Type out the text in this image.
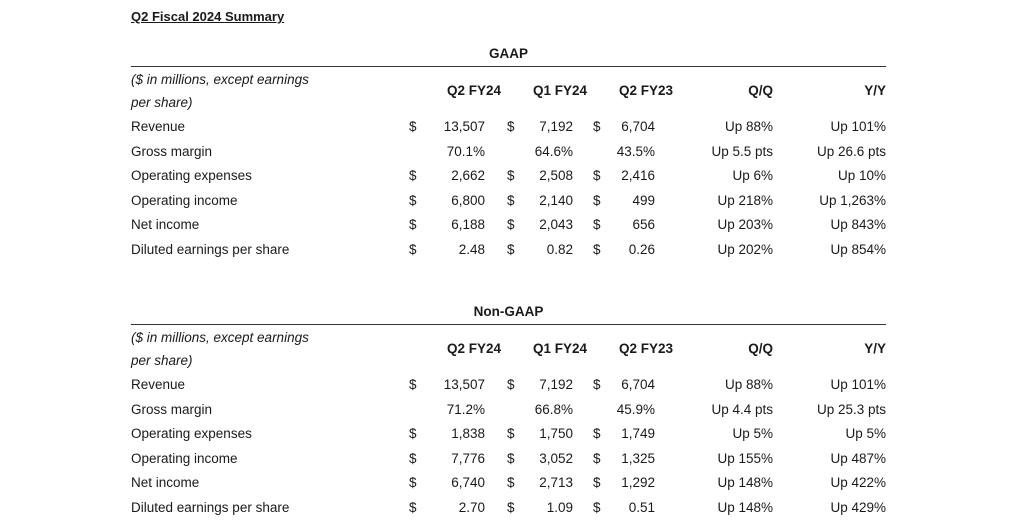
Q2 Fiscal 2024 Summary
GAAP
($ in millions, except earnings
per share)
Q2 FY24	Q1 FY24	Q2 FY23	Q/Q	Y/Y
Revenue	$	13,507 $	7,192 $	6,704	Up 88%	Up 101%
Gross margin	70.1%	64.6%	43.5%	Up 5.5 pts	Up 26.6 pts
Operating expenses	$	2,662 $	2,508 $	2,416	Up 6%	Up 10%
Operating income	$	6,800 $	2,140 $	499	Up 218%	Up 1,263%
Net income	$	6,188 $	2,043 $	656	Up 203%	Up 843%
Diluted earnings per share	$	2.48 $	0.82 $	0.26	Up 202%	Up 854%
Non-GAAP
($ in millions, except earnings
per share)
Q2 FY24	Q1 FY24	Q2 FY23	Q/Q	Y/Y
Revenue	$	13,507 $	7,192 $	6,704	Up 88%	Up 101%
Gross margin	71.2%	66.8%	45.9%	Up 4.4 pts	Up 25.3 pts
Operating expenses	$	1,838 $	1,750 $	1,749	Up 5%	Up 5%
Operating income	$	7,776 $	3,052 $	1,325	Up 155%	Up 487%
Net income	$	6,740 $	2,713 $	1,292	Up 148%	Up 422%
Diluted earnings per share	$	2.70 $	1.09 $	0.51	Up 148%	Up 429%
